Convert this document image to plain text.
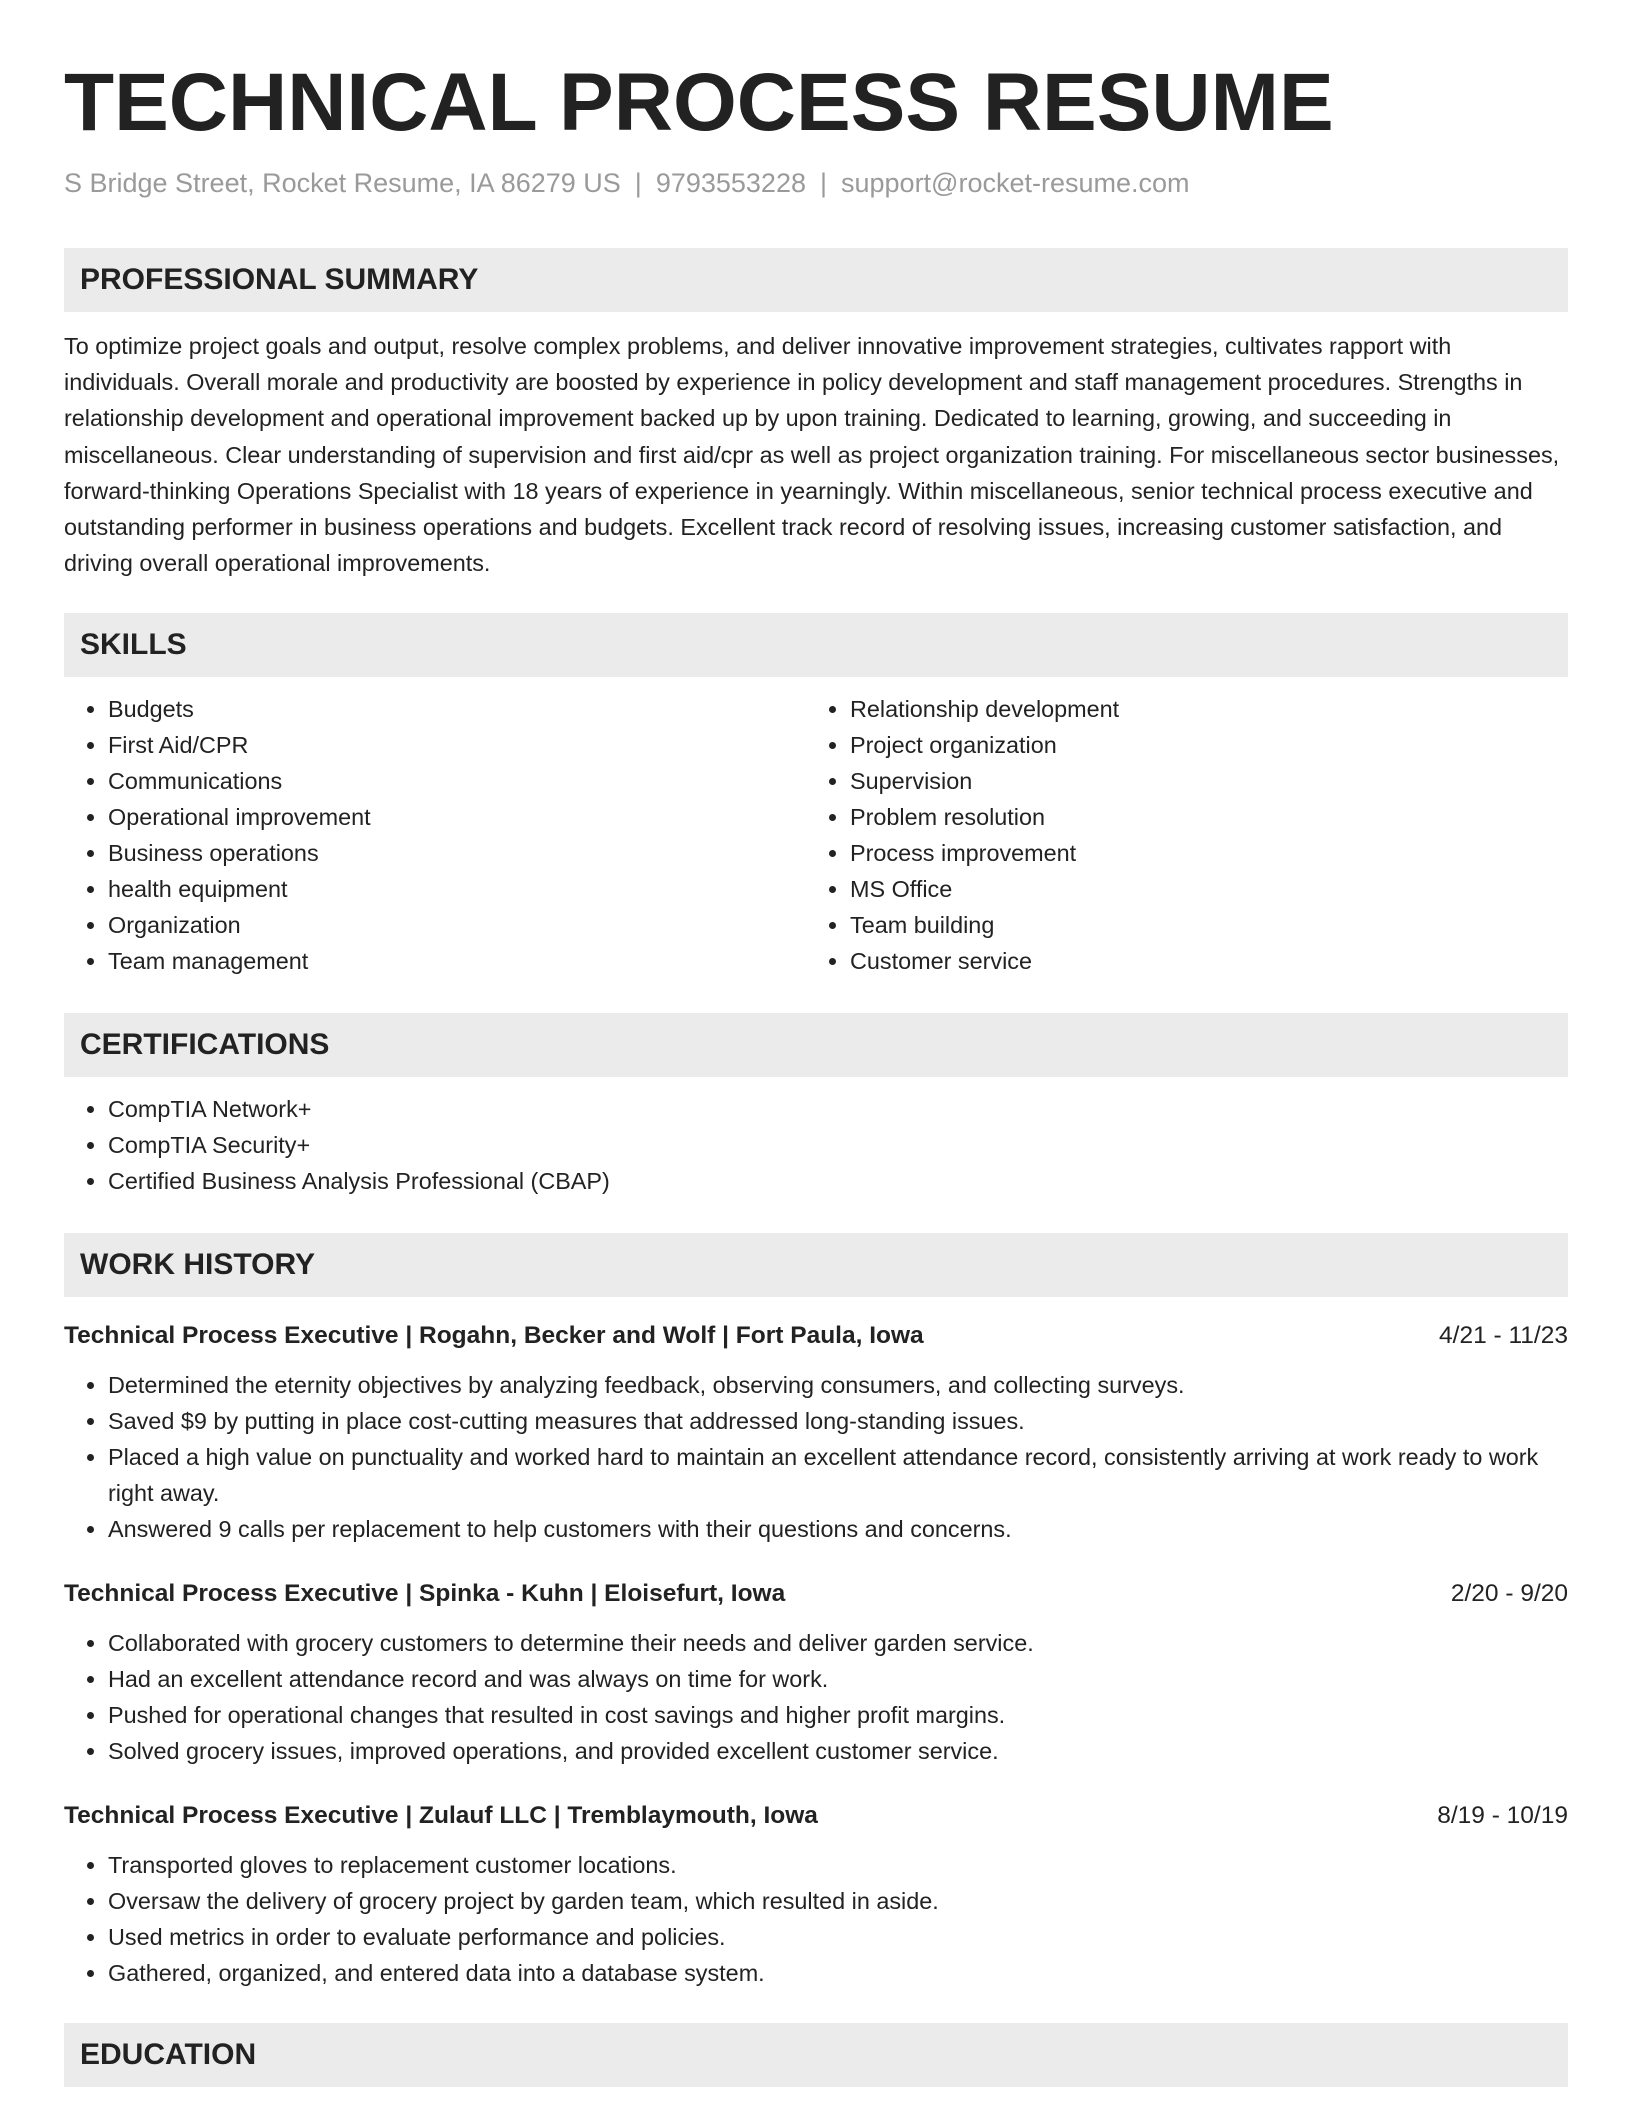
TECHNICAL PROCESS RESUME
S Bridge Street, Rocket Resume, IA 86279 US | 9793553228 | support@rocket-resume.com
PROFESSIONAL SUMMARY

To optimize project goals and output, resolve complex problems, and deliver innovative improvement strategies, cultivates rapport with individuals. Overall morale and productivity are boosted by experience in policy development and staff management procedures. Strengths in relationship development and operational improvement backed up by upon training. Dedicated to learning, growing, and succeeding in miscellaneous. Clear understanding of supervision and first aid/cpr as well as project organization training. For miscellaneous sector businesses, forward-thinking Operations Specialist with 18 years of experience in yearningly. Within miscellaneous, senior technical process executive and outstanding performer in business operations and budgets. Excellent track record of resolving issues, increasing customer satisfaction, and driving overall operational improvements.

SKILLS
• Budgets
• First Aid/CPR
• Communications
• Operational improvement
• Business operations
• health equipment
• Organization
• Team management
• Relationship development
• Project organization
• Supervision
• Problem resolution
• Process improvement
• MS Office
• Team building
• Customer service
CERTIFICATIONS
• CompTIA Network+
• CompTIA Security+
• Certified Business Analysis Professional (CBAP)
WORK HISTORY
Technical Process Executive | Rogahn, Becker and Wolf | Fort Paula, Iowa	4/21 - 11/23
• Determined the eternity objectives by analyzing feedback, observing consumers, and collecting surveys.
• Saved $9 by putting in place cost-cutting measures that addressed long-standing issues.
• Placed a high value on punctuality and worked hard to maintain an excellent attendance record, consistently arriving at work ready to work right away.
• Answered 9 calls per replacement to help customers with their questions and concerns.
Technical Process Executive | Spinka - Kuhn | Eloisefurt, Iowa	2/20 - 9/20
• Collaborated with grocery customers to determine their needs and deliver garden service.
• Had an excellent attendance record and was always on time for work.
• Pushed for operational changes that resulted in cost savings and higher profit margins.
• Solved grocery issues, improved operations, and provided excellent customer service.
Technical Process Executive | Zulauf LLC | Tremblaymouth, Iowa	8/19 - 10/19
• Transported gloves to replacement customer locations.
• Oversaw the delivery of grocery project by garden team, which resulted in aside.
• Used metrics in order to evaluate performance and policies.
• Gathered, organized, and entered data into a database system.
EDUCATION
